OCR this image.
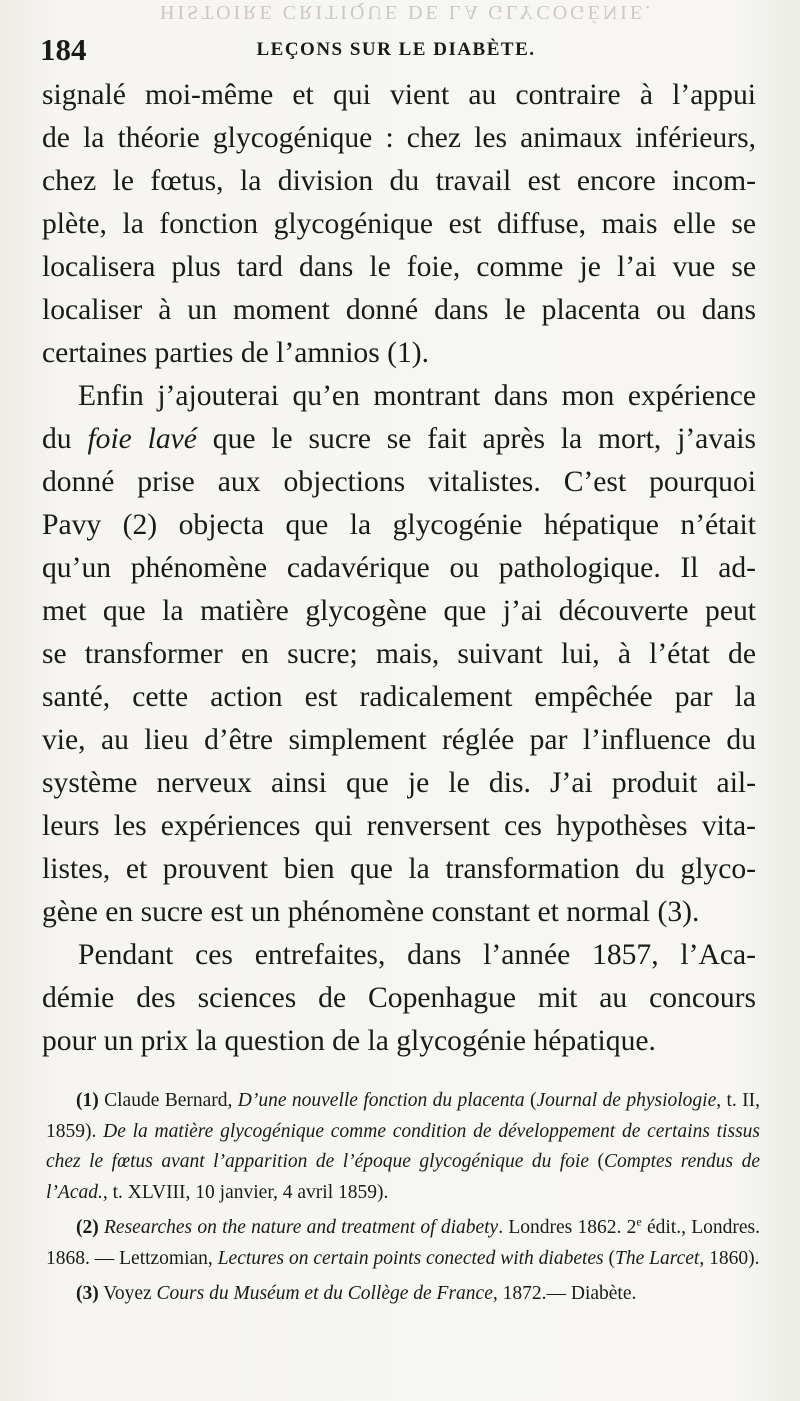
HISTOIRE CRITIQUE DE LA GLYCOGÉNIE.
184	LEÇONS SUR LE DIABÈTE.

signalé moi-même et qui vient au contraire à l’appui

de la théorie glycogénique : chez les animaux inférieurs,

chez le fœtus, la division du travail est encore incom-

plète, la fonction glycogénique est diffuse, mais elle se

localisera plus tard dans le foie, comme je l’ai vue se

localiser à un moment donné dans le placenta ou dans

certaines parties de l’amnios (1).

Enfin j’ajouterai qu’en montrant dans mon expérience

du foie lavé que le sucre se fait après la mort, j’avais

donné prise aux objections vitalistes. C’est pourquoi

Pavy (2) objecta que la glycogénie hépatique n’était

qu’un phénomène cadavérique ou pathologique. Il ad-

met que la matière glycogène que j’ai découverte peut

se transformer en sucre; mais, suivant lui, à l’état de

santé, cette action est radicalement empêchée par la

vie, au lieu d’être simplement réglée par l’influence du

système nerveux ainsi que je le dis. J’ai produit ail-

leurs les expériences qui renversent ces hypothèses vita-

listes, et prouvent bien que la transformation du glyco-

gène en sucre est un phénomène constant et normal (3).

Pendant ces entrefaites, dans l’année 1857, l’Aca-

démie des sciences de Copenhague mit au concours

pour un prix la question de la glycogénie hépatique.

(1) Claude Bernard, D’une nouvelle fonction du placenta (Journal de physiologie, t. II, 1859). De la matière glycogénique comme condition de développement de certains tissus chez le fœtus avant l’apparition de l’époque glycogénique du foie (Comptes rendus de l’Acad., t. XLVIII, 10 janvier, 4 avril 1859).

(2) Researches on the nature and treatment of diabety. Londres 1862. 2e édit., Londres. 1868. — Lettzomian, Lectures on certain points conected with diabetes (The Larcet, 1860).

(3) Voyez Cours du Muséum et du Collège de France, 1872.— Diabète.
